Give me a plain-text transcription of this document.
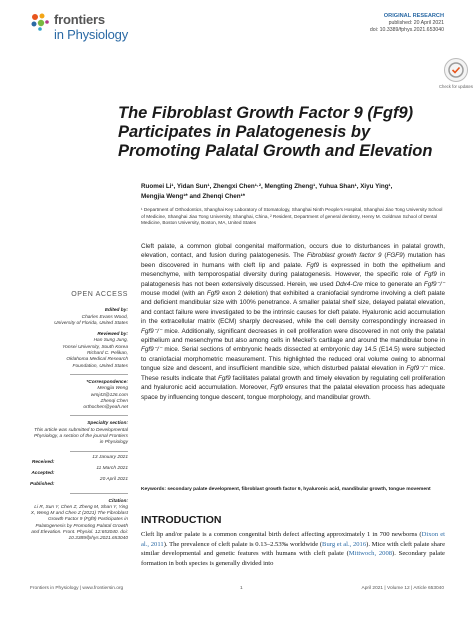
frontiers
in Physiology
ORIGINAL RESEARCH
published: 20 April 2021
doi: 10.3389/fphys.2021.653040
Check for updates
The Fibroblast Growth Factor 9 (Fgf9) Participates in Palatogenesis by Promoting Palatal Growth and Elevation
Ruomei Li¹, Yidan Sun¹, Zhengxi Chen¹·², Mengting Zheng¹, Yuhua Shan¹, Xiyu Ying¹,
Mengjia Weng¹* and Zhenqi Chen¹*
¹ Department of Orthodontics, Shanghai Key Laboratory of Stomatology, Shanghai Ninth People's Hospital, Shanghai Jiao Tong University School of Medicine, Shanghai Jiao Tong University, Shanghai, China, ² Resident, Department of general dentistry, Henry M. Goldman School of Dental Medicine, Boston University, Boston, MA, United States
Cleft palate, a common global congenital malformation, occurs due to disturbances in palatal growth, elevation, contact, and fusion during palatogenesis. The Fibroblast growth factor 9 (FGF9) mutation has been discovered in humans with cleft lip and palate. Fgf9 is expressed in both the epithelium and mesenchyme, with temporospatial diversity during palatogenesis. However, the specific role of Fgf9 in palatogenesis has not been extensively discussed. Herein, we used Ddx4-Cre mice to generate an Fgf9⁻/⁻ mouse model (with an Fgf9 exon 2 deletion) that exhibited a craniofacial syndrome involving a cleft palate and deficient mandibular size with 100% penetrance. A smaller palatal shelf size, delayed palatal elevation, and contact failure were investigated to be the intrinsic causes for cleft palate. Hyaluronic acid accumulation in the extracellular matrix (ECM) sharply decreased, while the cell density correspondingly increased in Fgf9⁻/⁻ mice. Additionally, significant decreases in cell proliferation were discovered in not only the palatal epithelium and mesenchyme but also among cells in Meckel's cartilage and around the mandibular bone in Fgf9⁻/⁻ mice. Serial sections of embryonic heads dissected at embryonic day 14.5 (E14.5) were subjected to craniofacial morphometric measurement. This highlighted the reduced oral volume owing to abnormal tongue size and descent, and insufficient mandible size, which disturbed palatal elevation in Fgf9⁻/⁻ mice. These results indicate that Fgf9 facilitates palatal growth and timely elevation by regulating cell proliferation and hyaluronic acid accumulation. Moreover, Fgf9 ensures that the palatal elevation process has adequate space by influencing tongue descent, tongue morphology, and mandibular growth.
Keywords: secondary palate development, fibroblast growth factor 9, hyaluronic acid, mandibular growth, tongue movement
OPEN ACCESS
Edited by:
Charles Evans Wood,
University of Florida, United States
Reviewed by:
Han Sung Jung,
Yonsei University, South Korea
Richard C. Pelikan,
Oklahoma Medical Research
Foundation, United States
*Correspondence:
Mengjia Weng
wmj43@126.com
Zhenqi Chen
orthochen@yeah.net
Specialty section:
This article was submitted to Developmental Physiology, a section of the journal Frontiers in Physiology
Received:
13 January 2021
Accepted:
11 March 2021
Published:
20 April 2021
Citation:
Li R, Sun Y, Chen Z, Zheng M, Shan Y, Ying X, Weng M and Chen Z (2021) The Fibroblast Growth Factor 9 (Fgf9) Participates in Palatogenesis by Promoting Palatal Growth and Elevation. Front. Physiol. 12:653040. doi: 10.3389/fphys.2021.653040
INTRODUCTION

Cleft lip and/or palate is a common congenital birth defect affecting approximately 1 in 700 newborns (Dixon et al., 2011). The prevalence of cleft palate is 0.13–2.53‰ worldwide (Burg et al., 2016). Mice with cleft palate share similar developmental and genetic features with humans with cleft palate (Mittwoch, 2008). Secondary palate formation in both species is generally divided into

Frontiers in Physiology | www.frontiersin.org	1	April 2021 | Volume 12 | Article 653040
